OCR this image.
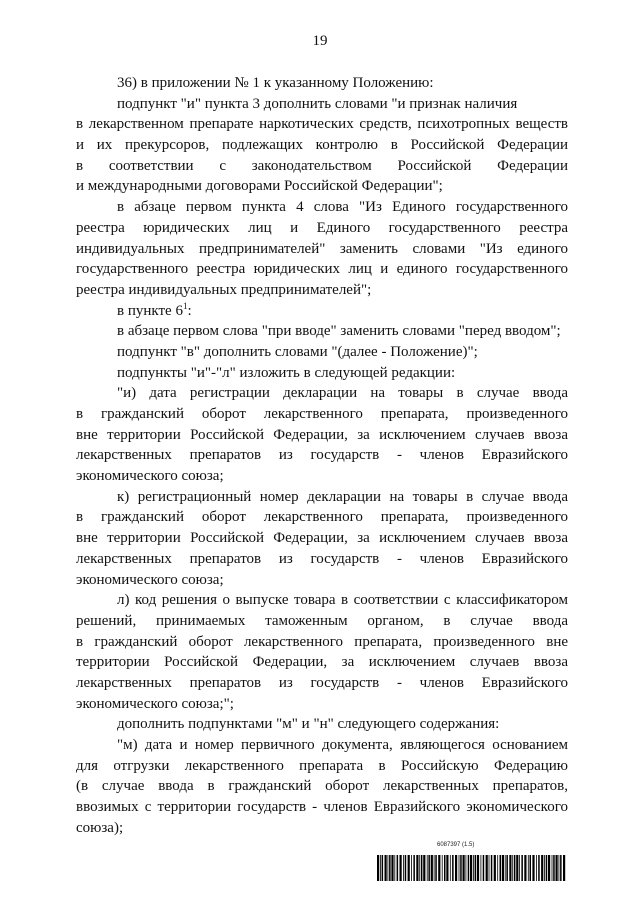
19
36) в приложении № 1 к указанному Положению:
подпункт "и" пункта 3 дополнить словами "и признак наличия
в лекарственном препарате наркотических средств, психотропных веществ
и их прекурсоров, подлежащих контролю в Российской Федерации
в соответствии с законодательством Российской Федерации
и международными договорами Российской Федерации";
в абзаце первом пункта 4 слова "Из Единого государственного
реестра юридических лиц и Единого государственного реестра
индивидуальных предпринимателей" заменить словами "Из единого
государственного реестра юридических лиц и единого государственного
реестра индивидуальных предпринимателей";
в пункте $6^1$:
в абзаце первом слова "при вводе" заменить словами "перед вводом";
подпункт "в" дополнить словами "(далее - Положение)";
подпункты "и"-"л" изложить в следующей редакции:
"и) дата регистрации декларации на товары в случае ввода
в гражданский оборот лекарственного препарата, произведенного
вне территории Российской Федерации, за исключением случаев ввоза
лекарственных препаратов из государств - членов Евразийского
экономического союза;
к) регистрационный номер декларации на товары в случае ввода
в гражданский оборот лекарственного препарата, произведенного
вне территории Российской Федерации, за исключением случаев ввоза
лекарственных препаратов из государств - членов Евразийского
экономического союза;
л) код решения о выпуске товара в соответствии с классификатором
решений, принимаемых таможенным органом, в случае ввода
в гражданский оборот лекарственного препарата, произведенного вне
территории Российской Федерации, за исключением случаев ввоза
лекарственных препаратов из государств - членов Евразийского
экономического союза;";
дополнить подпунктами "м" и "н" следующего содержания:
"м) дата и номер первичного документа, являющегося основанием
для отгрузки лекарственного препарата в Российскую Федерацию
(в случае ввода в гражданский оборот лекарственных препаратов,
ввозимых с территории государств - членов Евразийского экономического
союза);
6087397 (1.5)
